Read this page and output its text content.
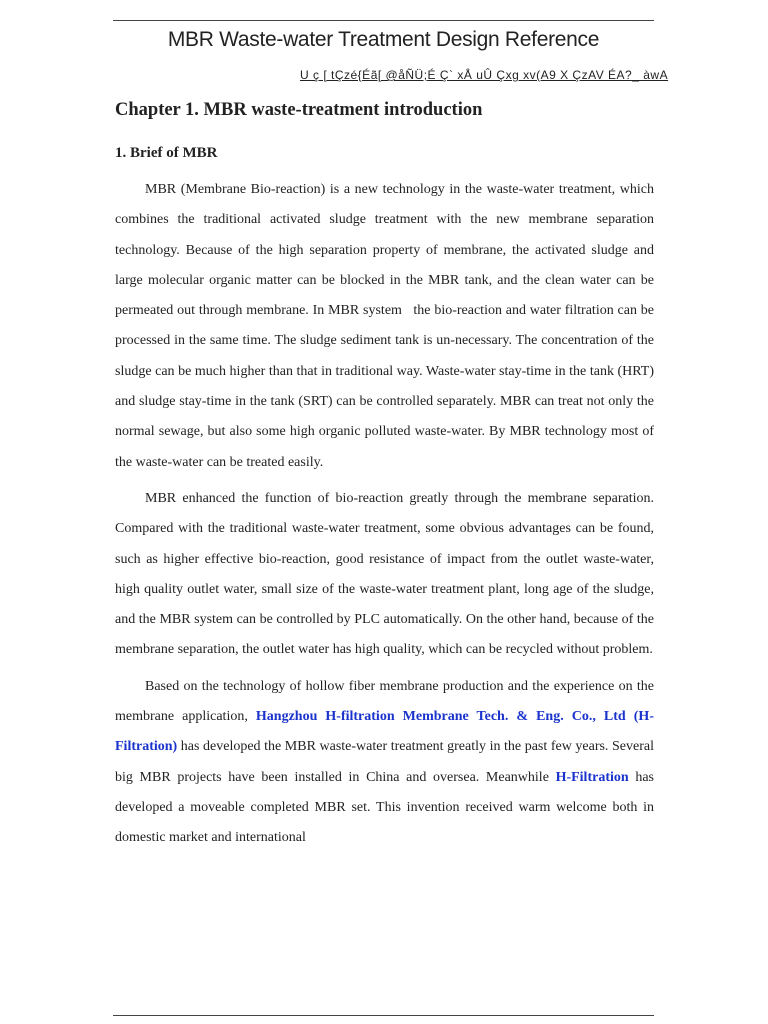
MBR Waste-water Treatment Design Reference
U ç [ tÇzé{Éã[ @åÑÜ;É Ç` xÅ uÛ Çxg xv(A9 X ÇzAV ÉA?_ àwA
Chapter 1. MBR waste-treatment introduction
1. Brief of MBR

MBR (Membrane Bio-reaction) is a new technology in the waste-water treatment, which combines the traditional activated sludge treatment with the new membrane separation technology. Because of the high separation property of membrane, the activated sludge and large molecular organic matter can be blocked in the MBR tank, and the clean water can be permeated out through membrane. In MBR system   the bio-reaction and water filtration can be processed in the same time. The sludge sediment tank is un-necessary. The concentration of the sludge can be much higher than that in traditional way. Waste-water stay-time in the tank (HRT) and sludge stay-time in the tank (SRT) can be controlled separately. MBR can treat not only the normal sewage, but also some high organic polluted waste-water. By MBR technology most of the waste-water can be treated easily.

MBR enhanced the function of bio-reaction greatly through the membrane separation. Compared with the traditional waste-water treatment, some obvious advantages can be found, such as higher effective bio-reaction, good resistance of impact from the outlet waste-water, high quality outlet water, small size of the waste-water treatment plant, long age of the sludge, and the MBR system can be controlled by PLC automatically. On the other hand, because of the membrane separation, the outlet water has high quality, which can be recycled without problem.

Based on the technology of hollow fiber membrane production and the experience on the membrane application, Hangzhou H-filtration Membrane Tech. & Eng. Co., Ltd (H-Filtration) has developed the MBR waste-water treatment greatly in the past few years. Several big MBR projects have been installed in China and oversea. Meanwhile H-Filtration has developed a moveable completed MBR set. This invention received warm welcome both in domestic market and international
